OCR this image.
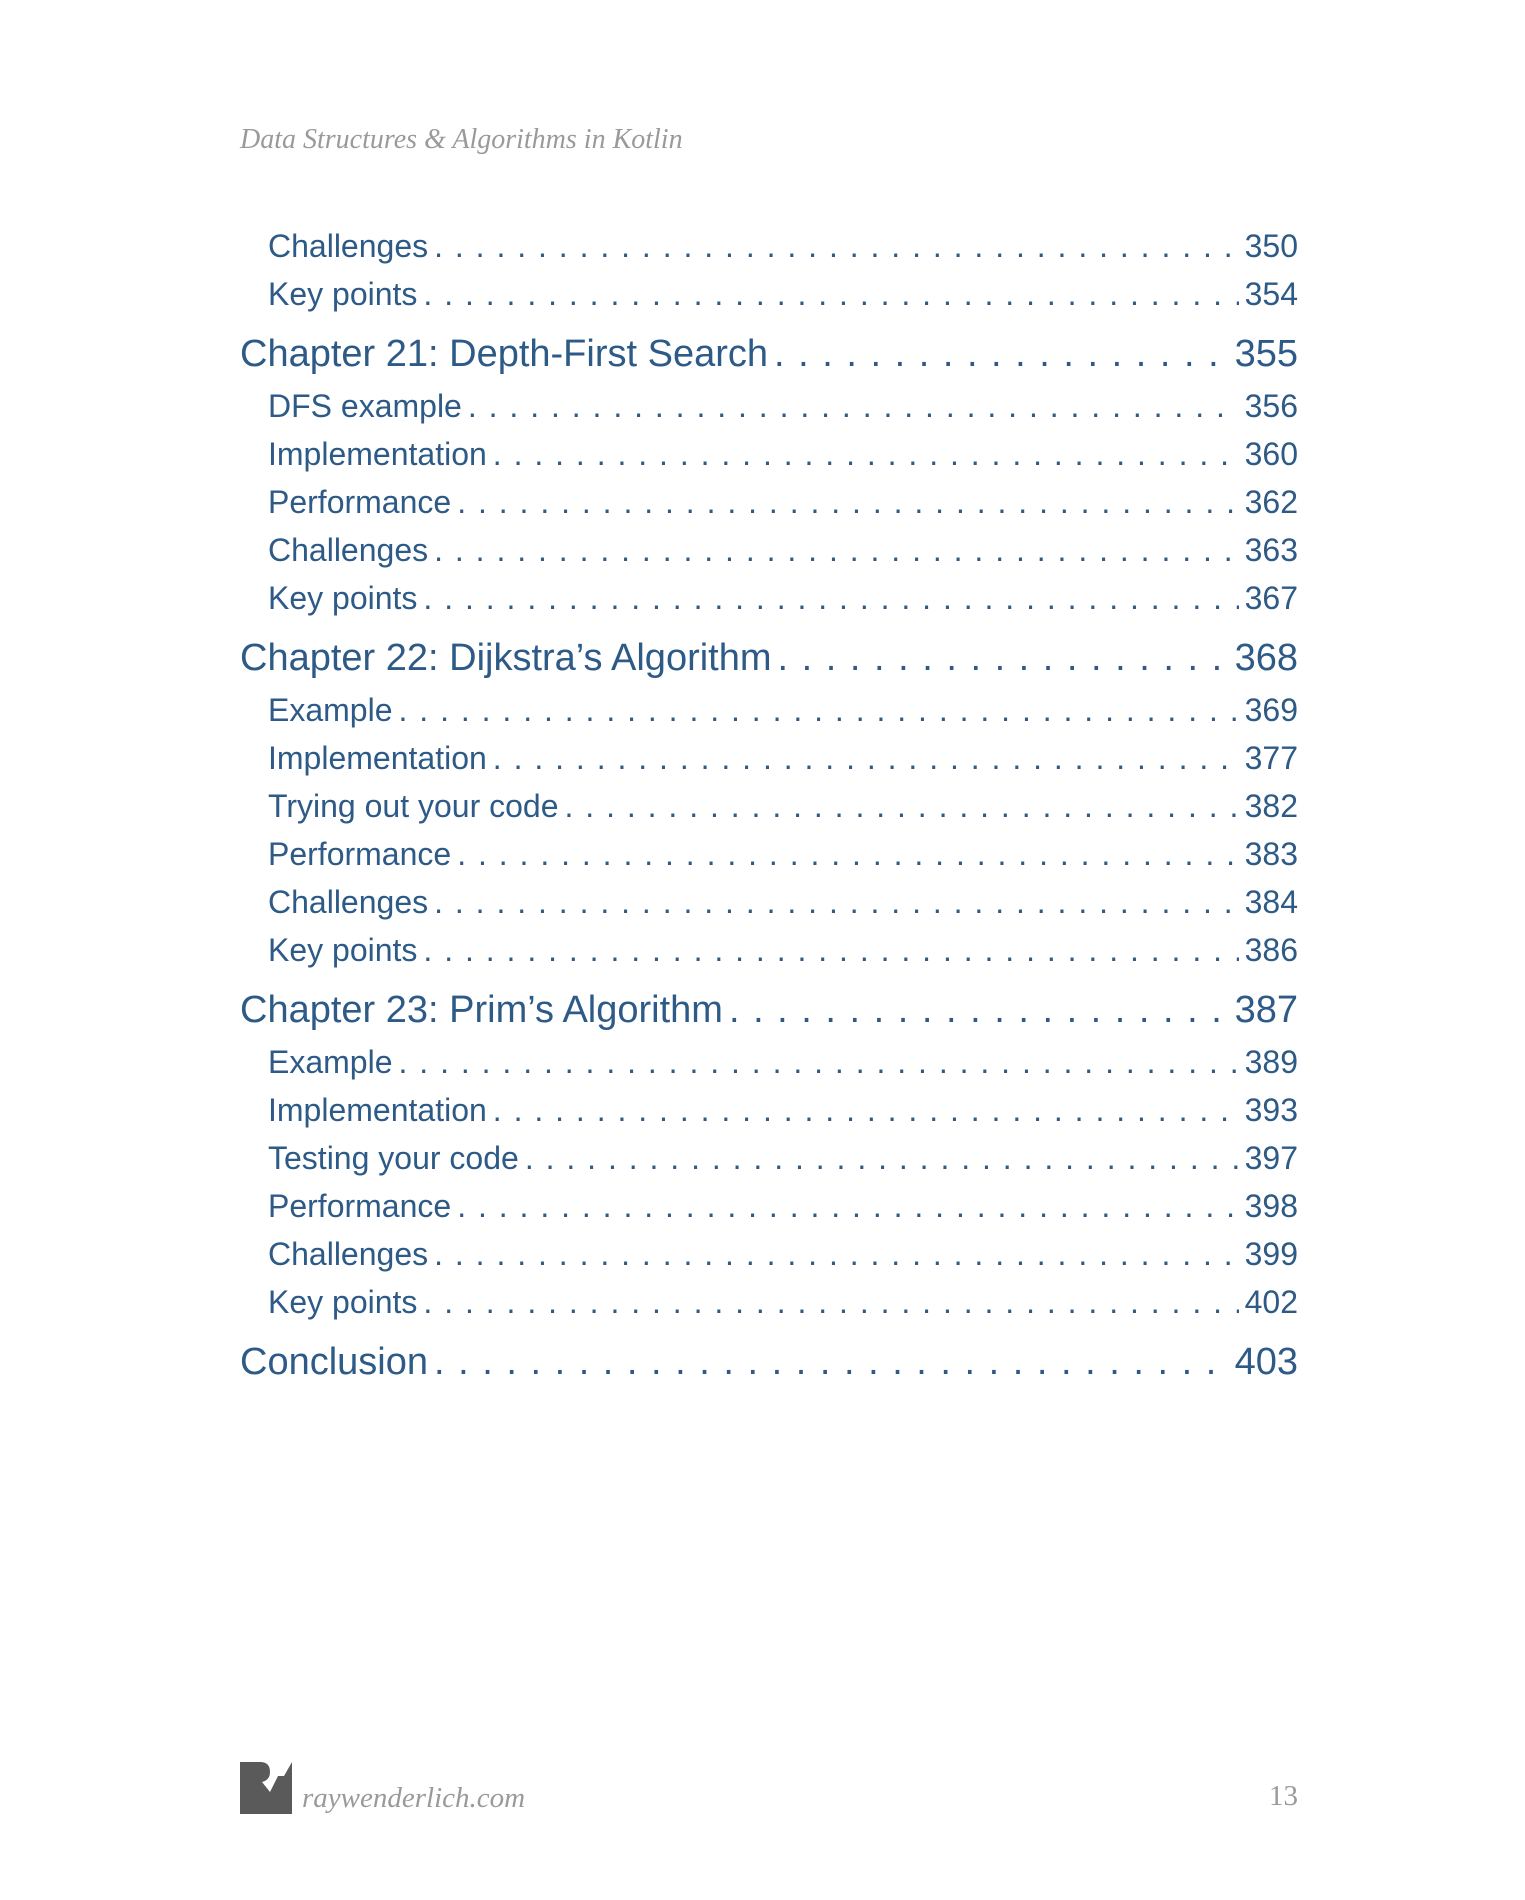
Data Structures & Algorithms in Kotlin
Challenges . . .	350
Key points . . .	354
Chapter 21: Depth-First Search . . .	355
DFS example . . .	356
Implementation . . .	360
Performance . . .	362
Challenges . . .	363
Key points . . .	367
Chapter 22: Dijkstra’s Algorithm . . .	368
Example . . .	369
Implementation . . .	377
Trying out your code . . .	382
Performance . . .	383
Challenges . . .	384
Key points . . .	386
Chapter 23: Prim’s Algorithm . . .	387
Example . . .	389
Implementation . . .	393
Testing your code . . .	397
Performance . . .	398
Challenges . . .	399
Key points . . .	402
Conclusion . . .	403
raywenderlich.com	13
